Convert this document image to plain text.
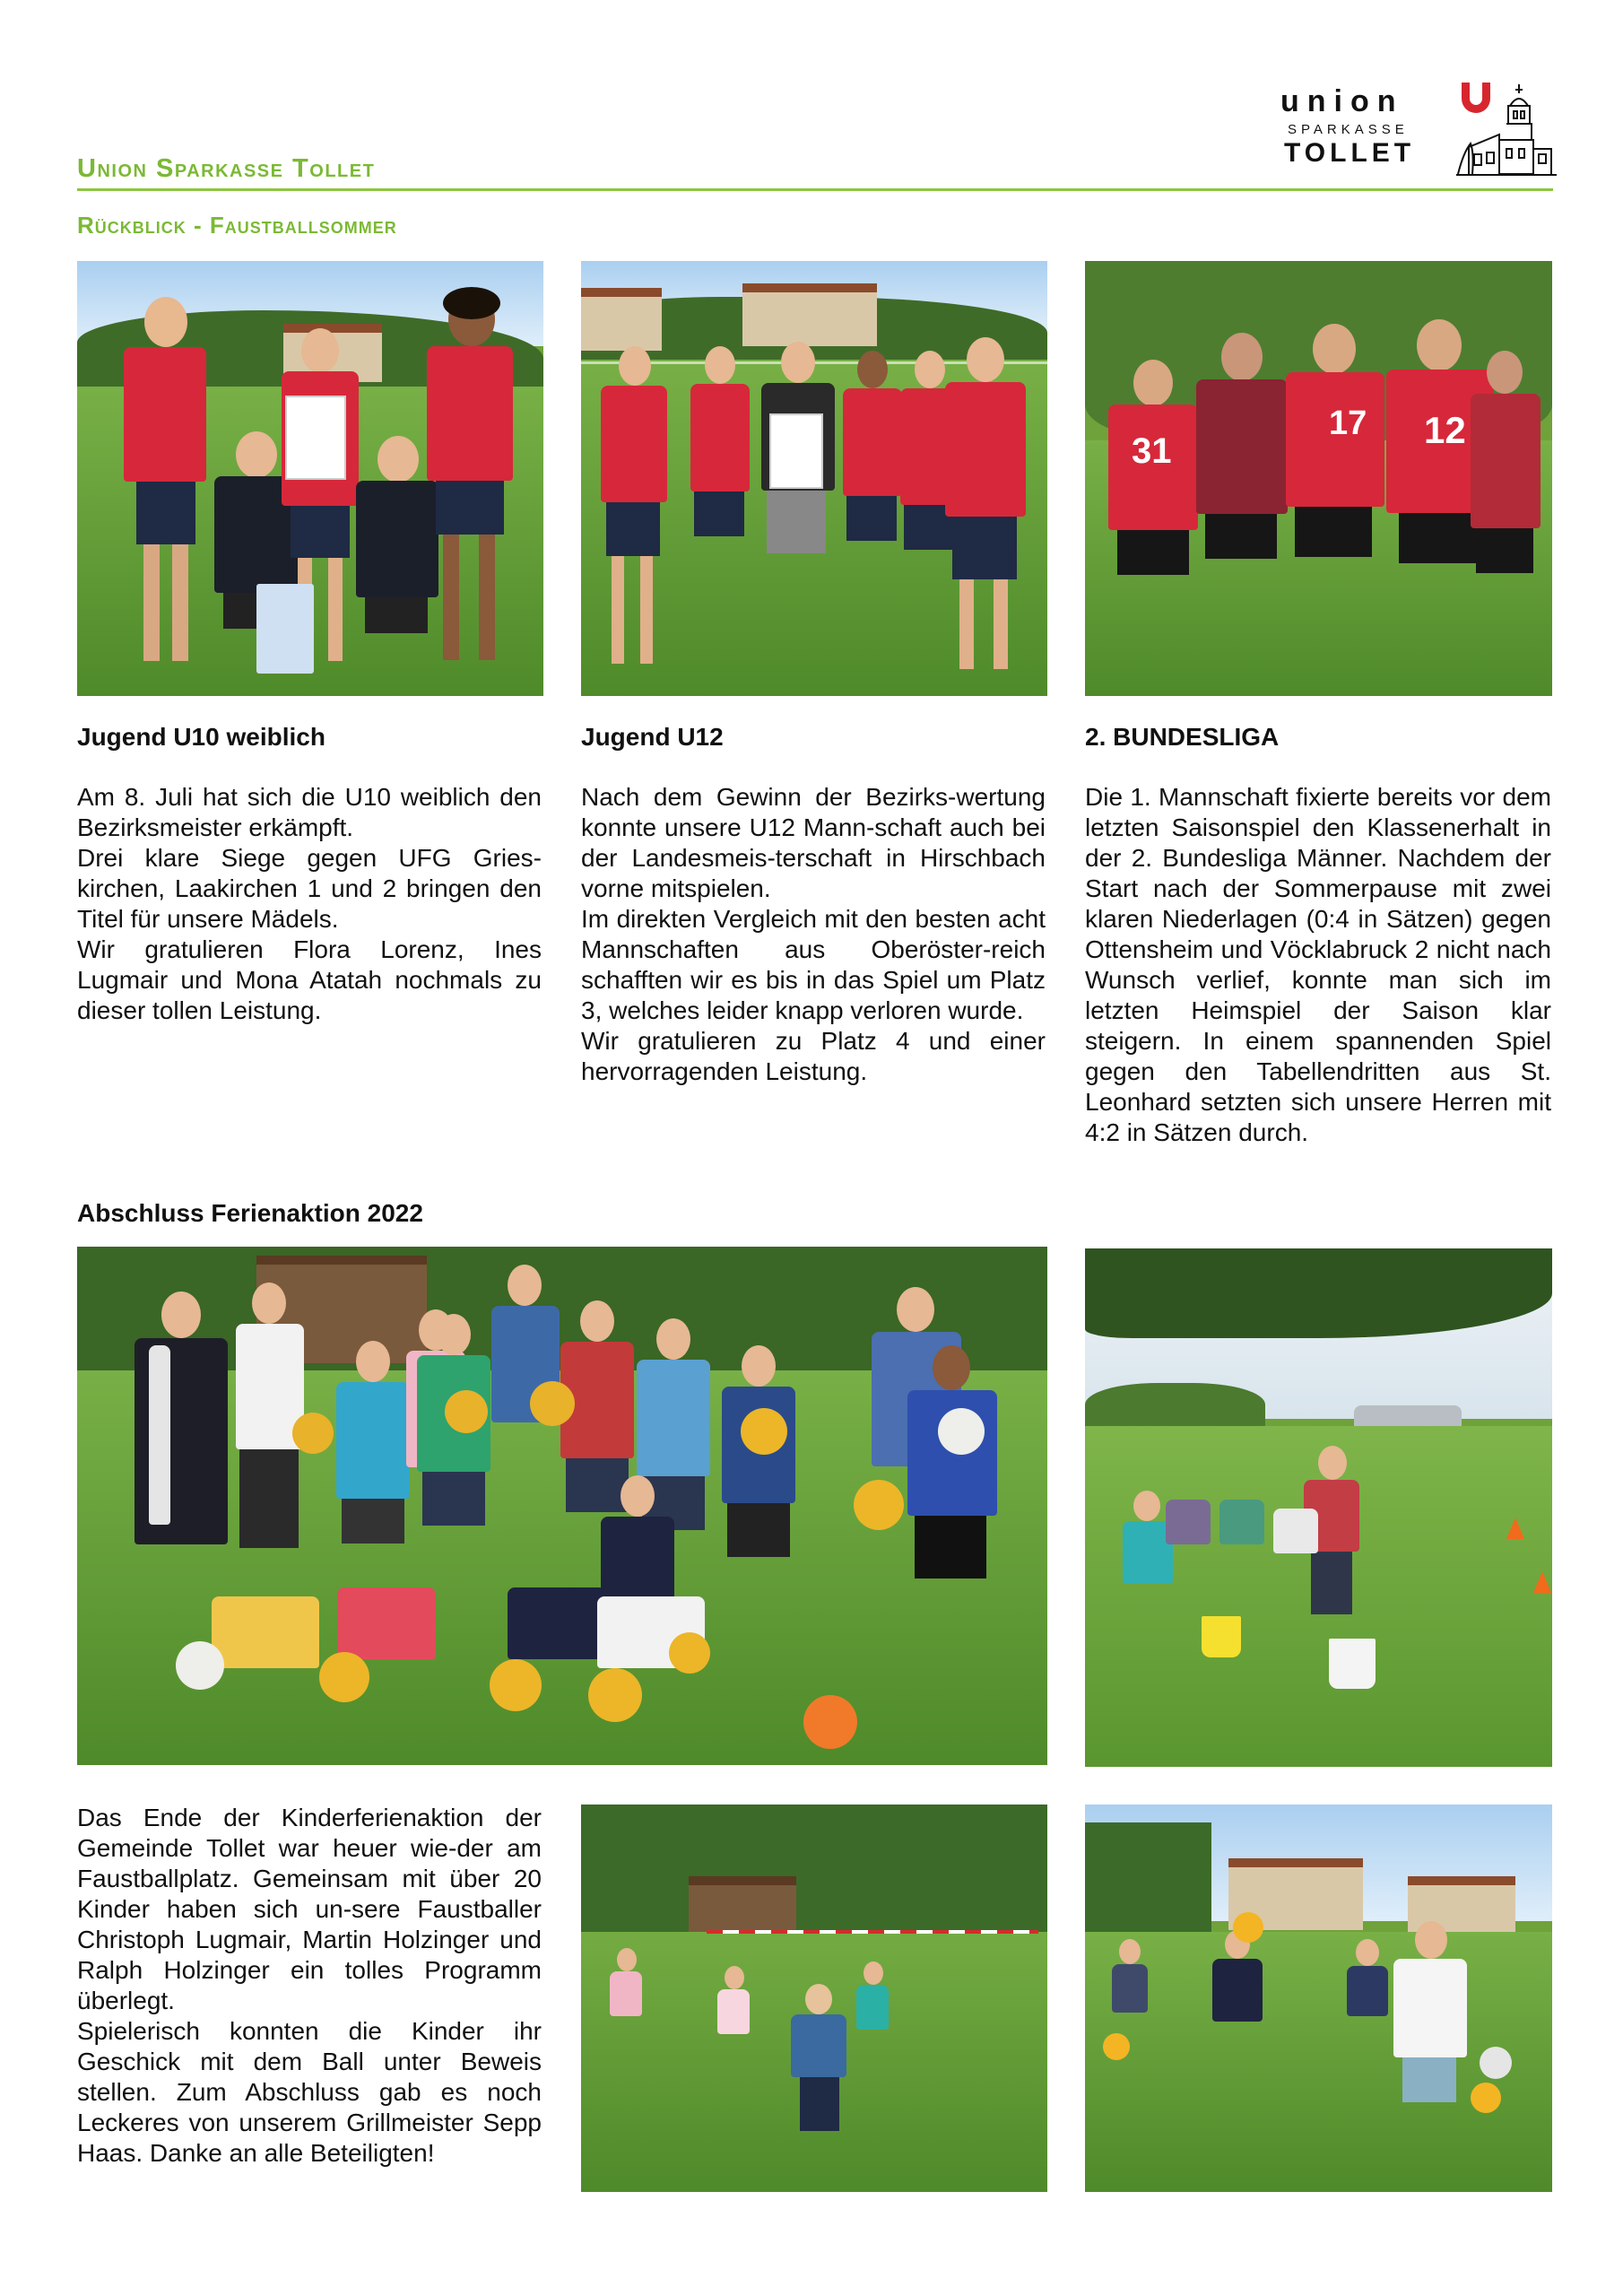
Union Sparkasse Tollet
Rückblick - Faustballsommer
union
SPARKASSE
TOLLET
31
17 12
Jugend U10 weiblich

Am 8. Juli hat sich die U10 weiblich den Bezirksmeister erkämpft.

Drei klare Siege gegen UFG Gries-kirchen, Laakirchen 1 und 2 bringen den Titel für unsere Mädels.

Wir gratulieren Flora Lorenz, Ines Lugmair und Mona Atatah nochmals zu dieser tollen Leistung.

Jugend U12

Nach dem Gewinn der Bezirks-wertung konnte unsere U12 Mann-schaft auch bei der Landesmeis-terschaft in Hirschbach vorne mitspielen.

Im direkten Vergleich mit den besten acht Mannschaften aus Oberöster-reich schafften wir es bis in das Spiel um Platz 3, welches leider knapp verloren wurde.

Wir gratulieren zu Platz 4 und einer hervorragenden Leistung.

2. BUNDESLIGA

Die 1. Mannschaft fixierte bereits vor dem letzten Saisonspiel den Klassenerhalt in der 2. Bundesliga Männer. Nachdem der Start nach der Sommerpause mit zwei klaren Niederlagen (0:4 in Sätzen) gegen Ottensheim und Vöcklabruck 2 nicht nach Wunsch verlief, konnte man sich im letzten Heimspiel der Saison klar steigern. In einem spannenden Spiel gegen den Tabellendritten aus St. Leonhard setzten sich unsere Herren mit 4:2 in Sätzen durch.

Abschluss Ferienaktion 2022

Das Ende der Kinderferienaktion der Gemeinde Tollet war heuer wie-der am Faustballplatz. Gemeinsam mit über 20 Kinder haben sich un-sere Faustballer Christoph Lugmair, Martin Holzinger und Ralph Holzinger ein tolles Programm überlegt.

Spielerisch konnten die Kinder ihr Geschick mit dem Ball unter Beweis stellen. Zum Abschluss gab es noch Leckeres von unserem Grillmeister Sepp Haas. Danke an alle Beteiligten!
